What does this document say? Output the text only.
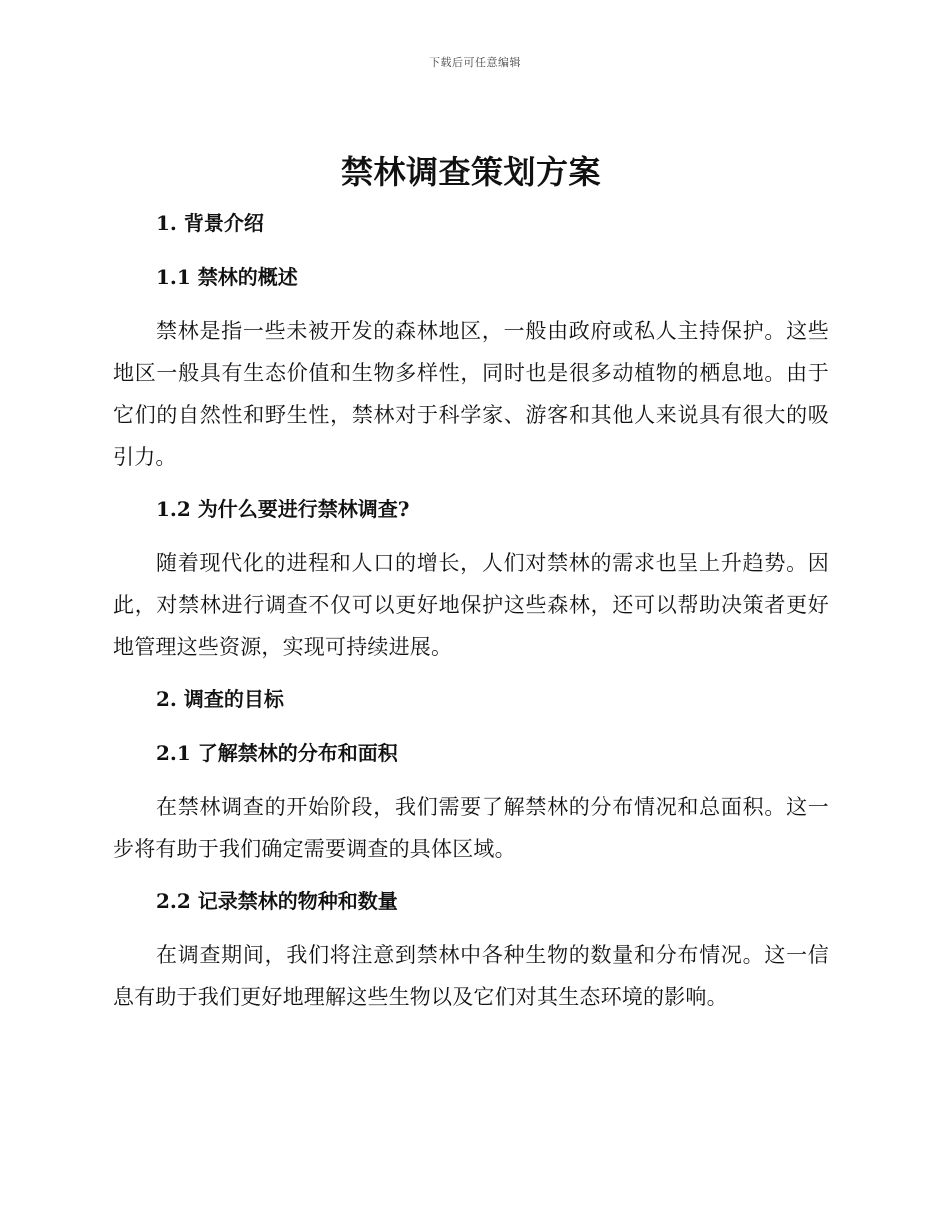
下载后可任意编辑
禁林调查策划方案
1. 背景介绍
1.1 禁林的概述

禁林是指一些未被开发的森林地区，一般由政府或私人主持保护。这些地区一般具有生态价值和生物多样性，同时也是很多动植物的栖息地。由于它们的自然性和野生性，禁林对于科学家、游客和其他人来说具有很大的吸引力。

1.2 为什么要进行禁林调查?

随着现代化的进程和人口的增长，人们对禁林的需求也呈上升趋势。因此，对禁林进行调查不仅可以更好地保护这些森林，还可以帮助决策者更好地管理这些资源，实现可持续进展。

2. 调查的目标
2.1 了解禁林的分布和面积

在禁林调查的开始阶段，我们需要了解禁林的分布情况和总面积。这一步将有助于我们确定需要调查的具体区域。

2.2 记录禁林的物种和数量

在调查期间，我们将注意到禁林中各种生物的数量和分布情况。这一信息有助于我们更好地理解这些生物以及它们对其生态环境的影响。
